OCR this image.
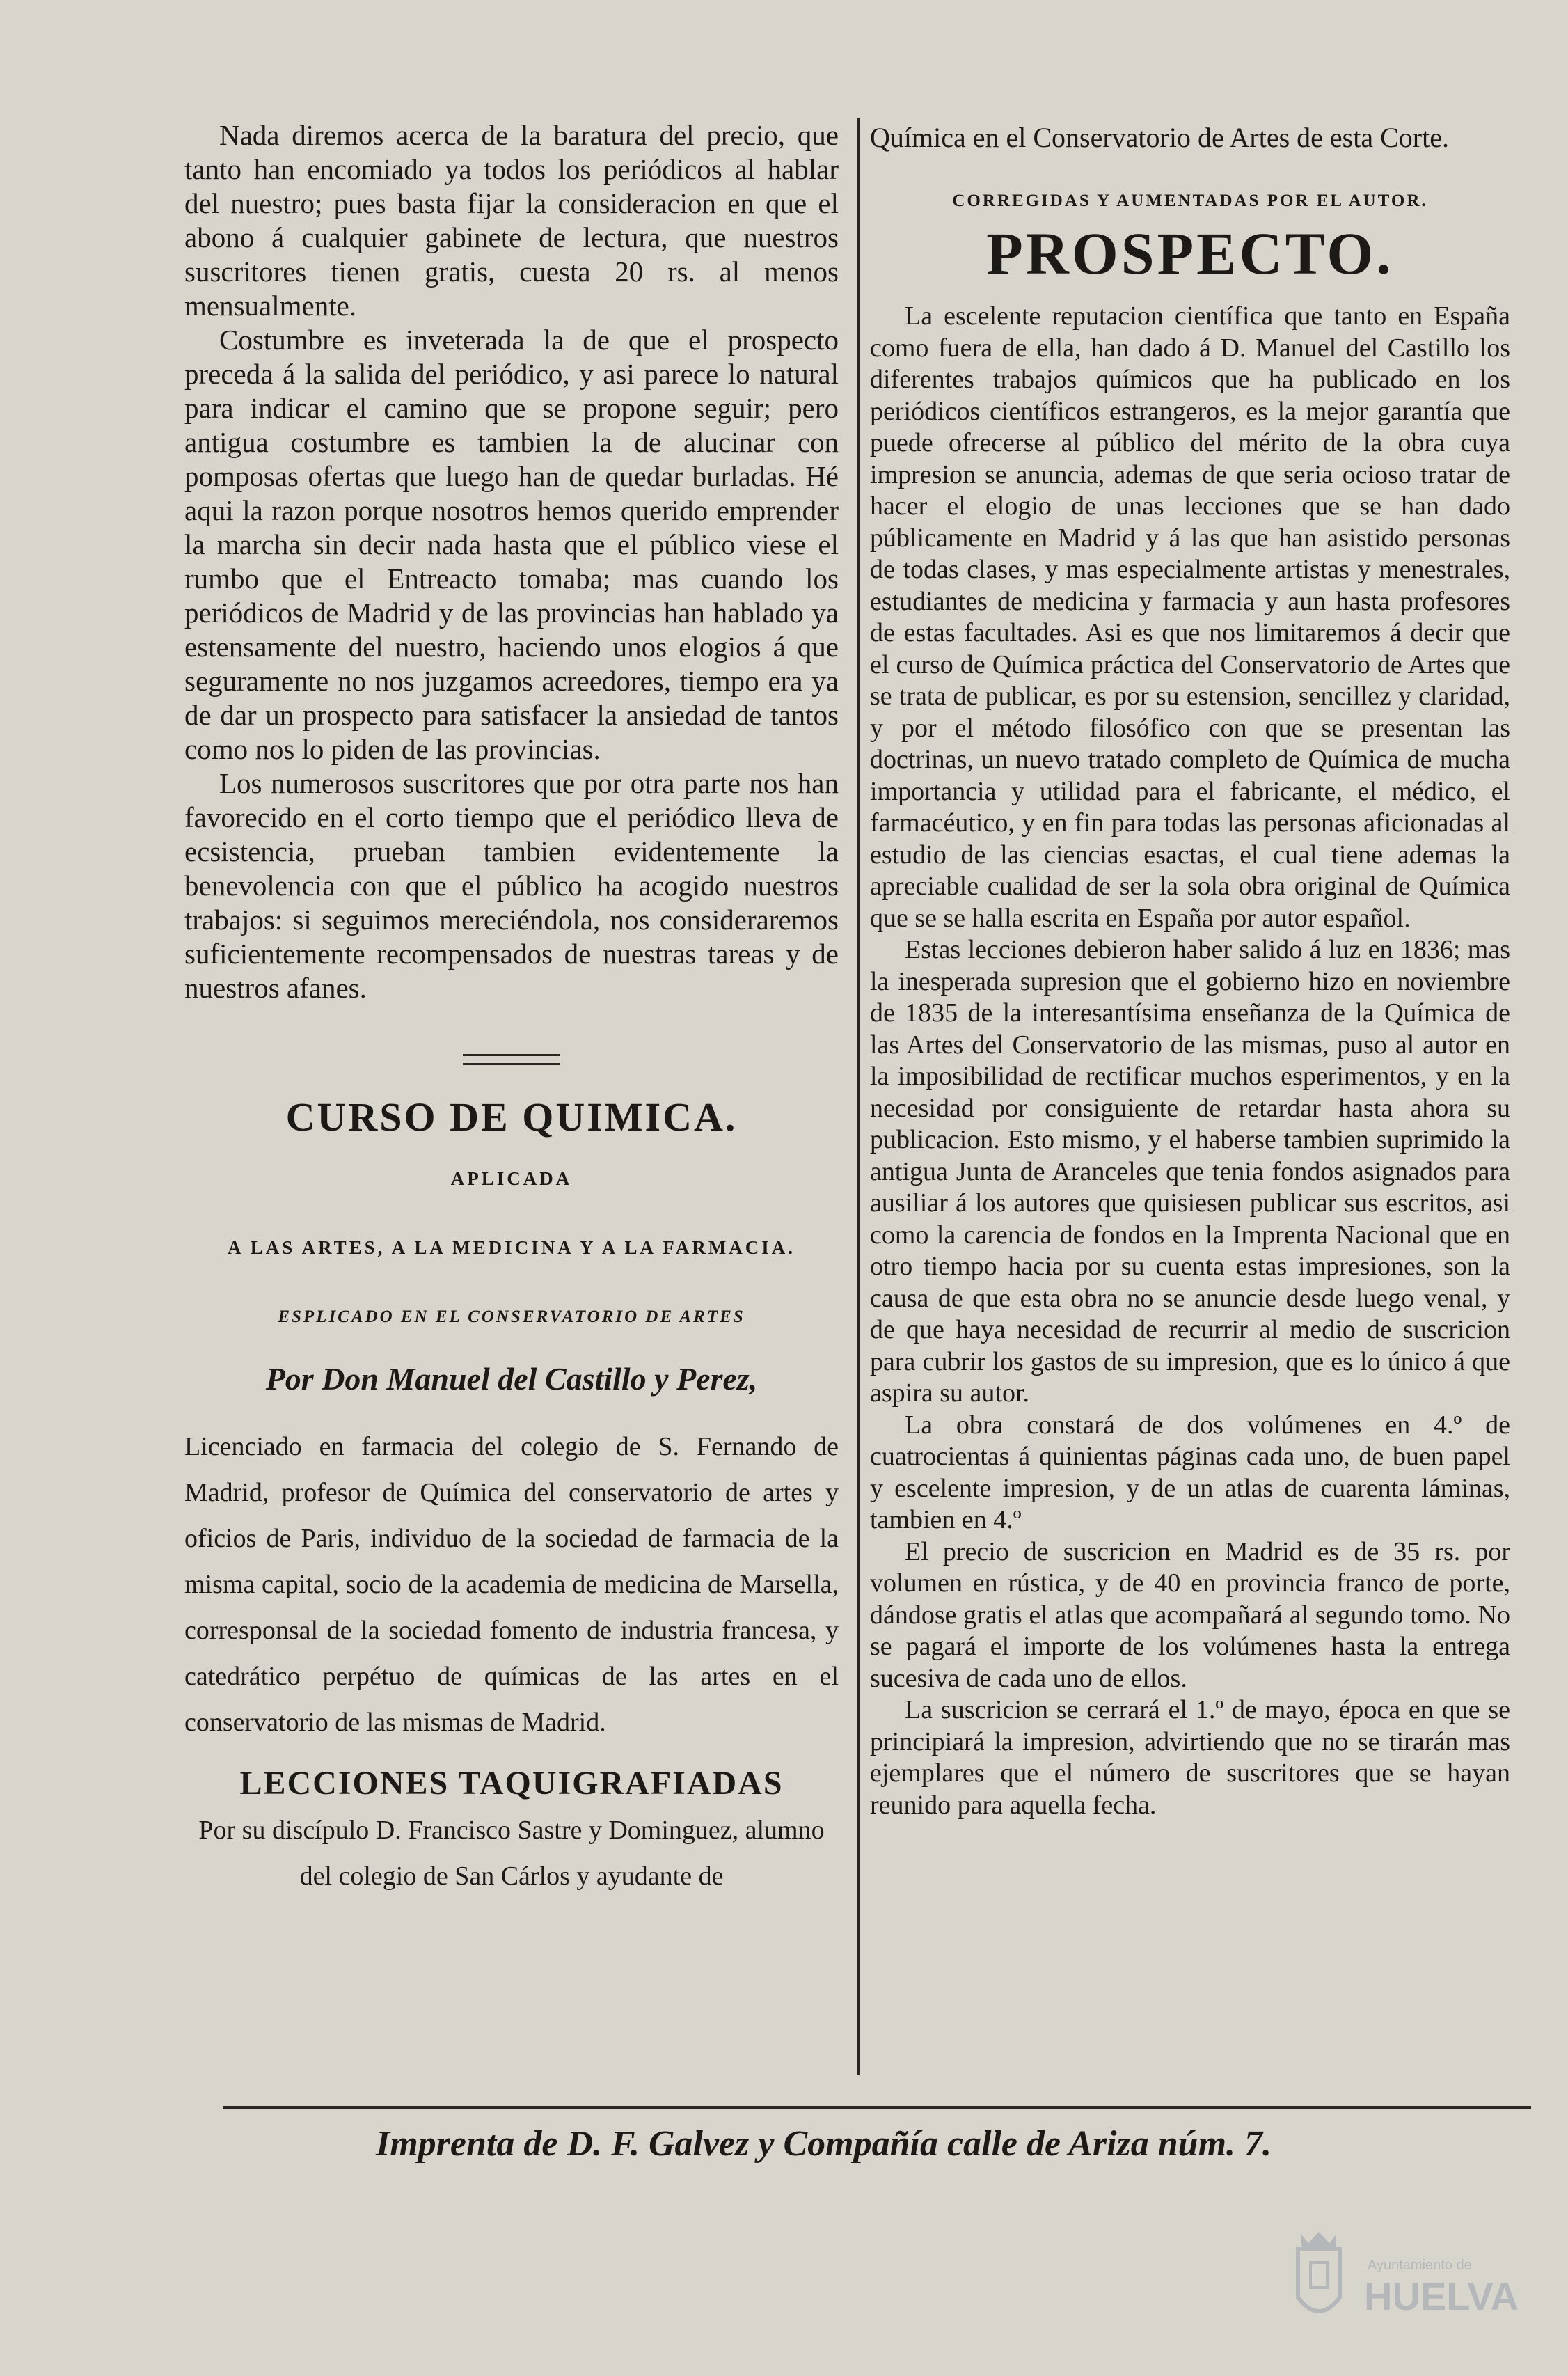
Nada diremos acerca de la baratura del precio, que tanto han encomiado ya todos los periódicos al hablar del nuestro; pues basta fijar la consideracion en que el abono á cualquier gabinete de lectura, que nuestros suscritores tienen gratis, cuesta 20 rs. al menos mensualmente.

Costumbre es inveterada la de que el prospecto preceda á la salida del periódico, y asi parece lo natural para indicar el camino que se propone seguir; pero antigua costumbre es tambien la de alucinar con pomposas ofertas que luego han de quedar burladas. Hé aqui la razon porque nosotros hemos querido emprender la marcha sin decir nada hasta que el público viese el rumbo que el Entreacto tomaba; mas cuando los periódicos de Madrid y de las provincias han hablado ya estensamente del nuestro, haciendo unos elogios á que seguramente no nos juzgamos acreedores, tiempo era ya de dar un prospecto para satisfacer la ansiedad de tantos como nos lo piden de las provincias.

Los numerosos suscritores que por otra parte nos han favorecido en el corto tiempo que el periódico lleva de ecsistencia, prueban tambien evidentemente la benevolencia con que el público ha acogido nuestros trabajos: si seguimos mereciéndola, nos consideraremos suficientemente recompensados de nuestras tareas y de nuestros afanes.

CURSO DE QUIMICA.
APLICADA
A LAS ARTES, A LA MEDICINA Y A LA FARMACIA.
ESPLICADO EN EL CONSERVATORIO DE ARTES
Por Don Manuel del Castillo y Perez,
Licenciado en farmacia del colegio de S. Fernando de Madrid, profesor de Química del conservatorio de artes y oficios de Paris, individuo de la sociedad de farmacia de la misma capital, socio de la academia de medicina de Marsella, corresponsal de la sociedad fomento de industria francesa, y catedrático perpétuo de químicas de las artes en el conservatorio de las mismas de Madrid.
LECCIONES TAQUIGRAFIADAS
Por su discípulo D. Francisco Sastre y Dominguez, alumno del colegio de San Cárlos y ayudante de
Química en el Conservatorio de Artes de esta Corte.
CORREGIDAS Y AUMENTADAS POR EL AUTOR.
PROSPECTO.

La escelente reputacion científica que tanto en España como fuera de ella, han dado á D. Manuel del Castillo los diferentes trabajos químicos que ha publicado en los periódicos científicos estrangeros, es la mejor garantía que puede ofrecerse al público del mérito de la obra cuya impresion se anuncia, ademas de que seria ocioso tratar de hacer el elogio de unas lecciones que se han dado públicamente en Madrid y á las que han asistido personas de todas clases, y mas especialmente artistas y menestrales, estudiantes de medicina y farmacia y aun hasta profesores de estas facultades. Asi es que nos limitaremos á decir que el curso de Química práctica del Conservatorio de Artes que se trata de publicar, es por su estension, sencillez y claridad, y por el método filosófico con que se presentan las doctrinas, un nuevo tratado completo de Química de mucha importancia y utilidad para el fabricante, el médico, el farmacéutico, y en fin para todas las personas aficionadas al estudio de las ciencias esactas, el cual tiene ademas la apreciable cualidad de ser la sola obra original de Química que se se halla escrita en España por autor español.

Estas lecciones debieron haber salido á luz en 1836; mas la inesperada supresion que el gobierno hizo en noviembre de 1835 de la interesantísima enseñanza de la Química de las Artes del Conservatorio de las mismas, puso al autor en la imposibilidad de rectificar muchos esperimentos, y en la necesidad por consiguiente de retardar hasta ahora su publicacion. Esto mismo, y el haberse tambien suprimido la antigua Junta de Aranceles que tenia fondos asignados para ausiliar á los autores que quisiesen publicar sus escritos, asi como la carencia de fondos en la Imprenta Nacional que en otro tiempo hacia por su cuenta estas impresiones, son la causa de que esta obra no se anuncie desde luego venal, y de que haya necesidad de recurrir al medio de suscricion para cubrir los gastos de su impresion, que es lo único á que aspira su autor.

La obra constará de dos volúmenes en 4.º de cuatrocientas á quinientas páginas cada uno, de buen papel y escelente impresion, y de un atlas de cuarenta láminas, tambien en 4.º

El precio de suscricion en Madrid es de 35 rs. por volumen en rústica, y de 40 en provincia franco de porte, dándose gratis el atlas que acompañará al segundo tomo. No se pagará el importe de los volúmenes hasta la entrega sucesiva de cada uno de ellos.

La suscricion se cerrará el 1.º de mayo, época en que se principiará la impresion, advirtiendo que no se tirarán mas ejemplares que el número de suscritores que se hayan reunido para aquella fecha.

Imprenta de D. F. Galvez y Compañía calle de Ariza núm. 7.
Ayuntamiento de
HUELVA
